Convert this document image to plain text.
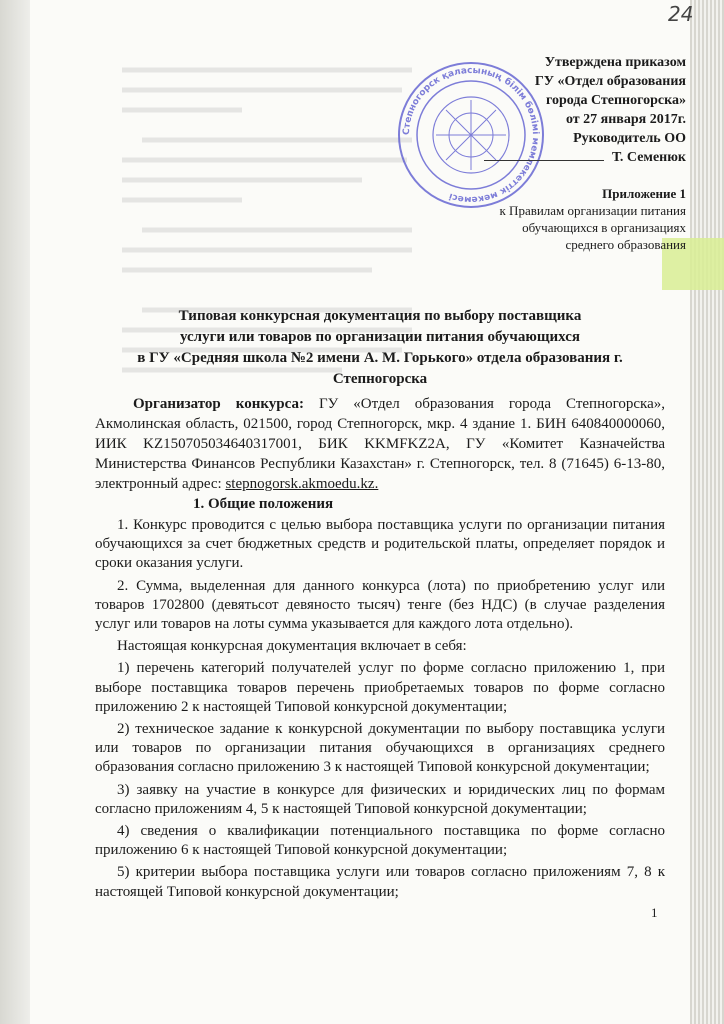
24
Степногорск қаласының білім бөлімі мемлекеттік мекемесі
Утверждена приказом
ГУ «Отдел образования
города Степногорска»
от 27 января 2017г.
Руководитель ОО
Т. Семенюк
Приложение 1
к Правилам организации питания
обучающихся в организациях
среднего образования
Типовая конкурсная документация по выбору поставщика
услуги или товаров по организации питания обучающихся
в ГУ «Средняя школа №2 имени А. М. Горького» отдела образования г.
Степногорска
Организатор конкурса: ГУ «Отдел образования города Степногорска», Акмолинская область, 021500, город Степногорск, мкр. 4 здание 1. БИН 640840000060, ИИК KZ150705034640317001, БИК KKMFKZ2A, ГУ «Комитет Казначейства Министерства Финансов Республики Казахстан» г. Степногорск, тел. 8 (71645) 6-13-80, электронный адрес: stepnogorsk.akmoedu.kz.
1. Общие положения

1. Конкурс проводится с целью выбора поставщика услуги по организации питания обучающихся за счет бюджетных средств и родительской платы, определяет порядок и сроки оказания услуги.

2. Сумма, выделенная для данного конкурса (лота) по приобретению услуг или товаров 1702800 (девятьсот девяносто тысяч) тенге (без НДС) (в случае разделения услуг или товаров на лоты сумма указывается для каждого лота отдельно).

Настоящая конкурсная документация включает в себя:

1) перечень категорий получателей услуг по форме согласно приложению 1, при выборе поставщика товаров перечень приобретаемых товаров по форме согласно приложению 2 к настоящей Типовой конкурсной документации;

2) техническое задание к конкурсной документации по выбору поставщика услуги или товаров по организации питания обучающихся в организациях среднего образования согласно приложению 3 к настоящей Типовой конкурсной документации;

3) заявку на участие в конкурсе для физических и юридических лиц по формам согласно приложениям 4, 5 к настоящей Типовой конкурсной документации;

4) сведения о квалификации потенциального поставщика по форме согласно приложению 6 к настоящей Типовой конкурсной документации;

5) критерии выбора поставщика услуги или товаров согласно приложениям 7, 8 к настоящей Типовой конкурсной документации;

1
